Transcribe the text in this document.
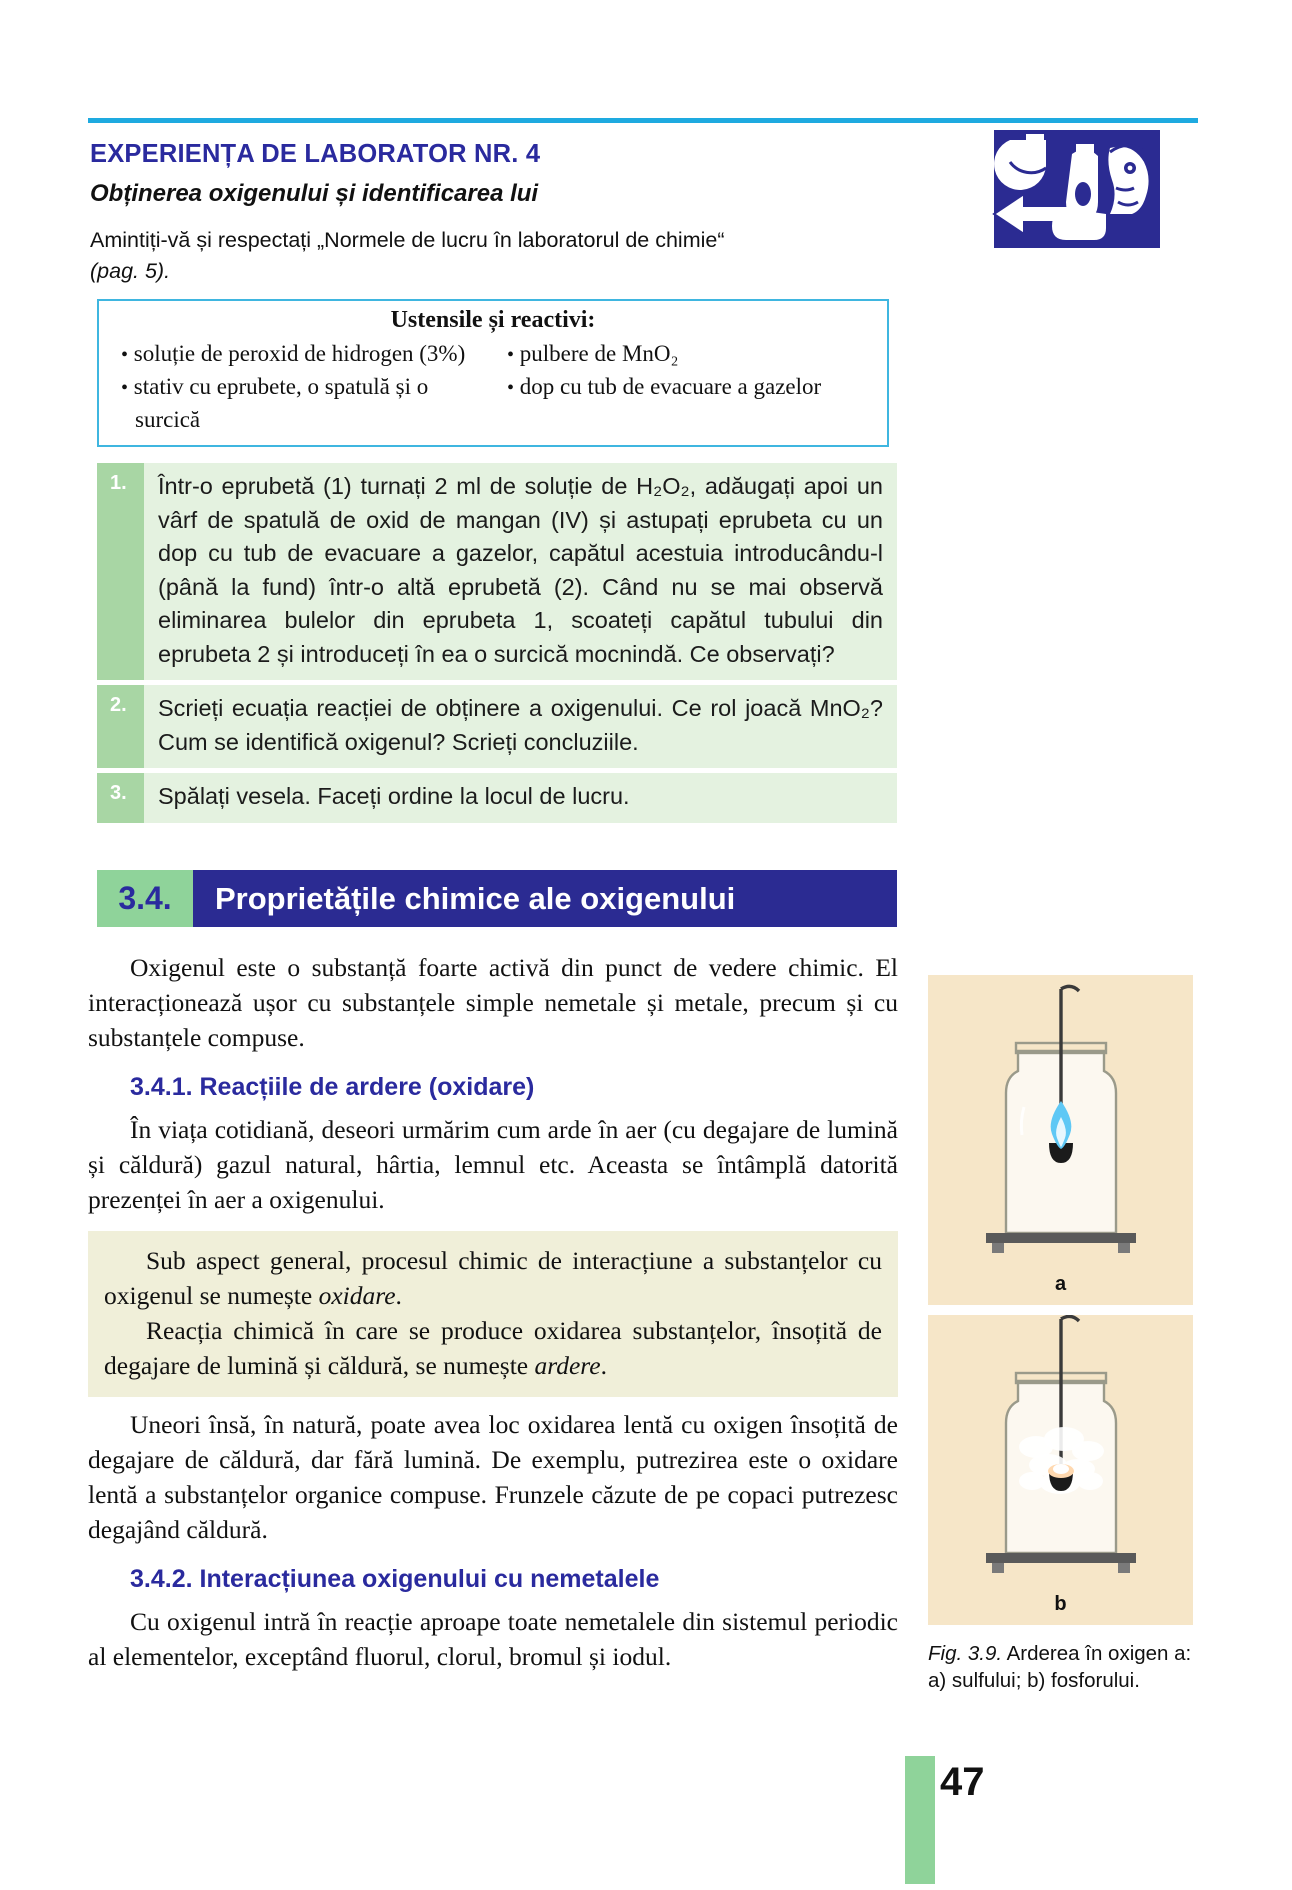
EXPERIENȚA DE LABORATOR NR. 4
Obținerea oxigenului și identificarea lui
Amintiți-vă și respectați „Normele de lucru în laboratorul de chimie“
(pag. 5).
Ustensile și reactivi:
• soluție de peroxid de hidrogen (3%)
• stativ cu eprubete, o spatulă și o
surcică
• pulbere de MnO₂
• dop cu tub de evacuare a gazelor
1.	Într-o eprubetă (1) turnați 2 ml de soluție de H₂O₂, adăugați apoi un vârf de spatulă de oxid de mangan (IV) și astupați eprubeta cu un dop cu tub de evacuare a gazelor, capătul acestuia introducându-l (până la fund) într-o altă eprubetă (2). Când nu se mai observă eliminarea bulelor din eprubeta 1, scoateți capătul tubului din eprubeta 2 și introduceți în ea o surcică mocnindă. Ce observați?
2.	Scrieți ecuația reacției de obținere a oxigenului. Ce rol joacă MnO₂? Cum se identifică oxigenul? Scrieți concluziile.
3.	Spălați vesela. Faceți ordine la locul de lucru.
3.4.	Proprietățile chimice ale oxigenului
Oxigenul este o substanță foarte activă din punct de vedere chimic. El interacționează ușor cu substanțele simple nemetale și metale, precum și cu substanțele compuse.
3.4.1. Reacțiile de ardere (oxidare)
În viața cotidiană, deseori urmărim cum arde în aer (cu degajare de lumină și căldură) gazul natural, hârtia, lemnul etc. Aceasta se întâmplă datorită prezenței în aer a oxigenului.
Sub aspect general, procesul chimic de interacțiune a substanțelor cu oxigenul se numește oxidare.
Reacția chimică în care se produce oxidarea substanțelor, însoțită de degajare de lumină și căldură, se numește ardere.
Uneori însă, în natură, poate avea loc oxidarea lentă cu oxigen însoțită de degajare de căldură, dar fără lumină. De exemplu, putrezirea este o oxidare lentă a substanțelor organice compuse. Frunzele căzute de pe copaci putrezesc degajând căldură.
3.4.2. Interacțiunea oxigenului cu nemetalele
Cu oxigenul intră în reacție aproape toate nemetalele din sistemul periodic al elementelor, exceptând fluorul, clorul, bromul și iodul.
a
b
Fig. 3.9. Arderea în oxigen a: a) sulfului; b) fosforului.
47
